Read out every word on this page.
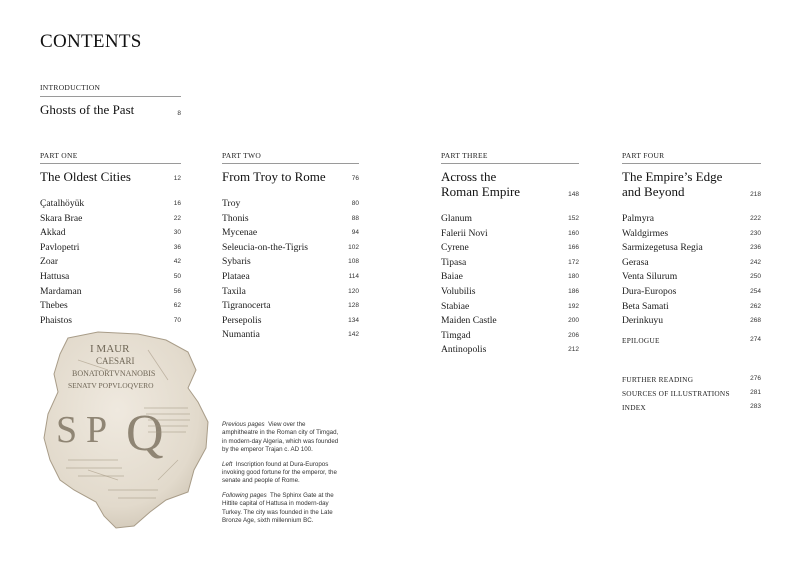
CONTENTS
INTRODUCTION
Ghosts of the Past	8
PART ONE
The Oldest Cities	12
Çatalhöyük	16
Skara Brae	22
Akkad	30
Pavlopetri	36
Zoar	42
Hattusa	50
Mardaman	56
Thebes	62
Phaistos	70
PART TWO
From Troy to Rome	76
Troy	80
Thonis	88
Mycenae	94
Seleucia-on-the-Tigris	102
Sybaris	108
Plataea	114
Taxila	120
Tigranocerta	128
Persepolis	134
Numantia	142
PART THREE
Across the
Roman Empire	148
Glanum	152
Falerii Novi	160
Cyrene	166
Tipasa	172
Baiae	180
Volubilis	186
Stabiae	192
Maiden Castle	200
Timgad	206
Antinopolis	212
PART FOUR
The Empire’s Edge
and Beyond	218
Palmyra	222
Waldgirmes	230
Sarmizegetusa Regia	236
Gerasa	242
Venta Silurum	250
Dura-Europos	254
Beta Samati	262
Derinkuyu	268
EPILOGUE	274
FURTHER READING	276
SOURCES OF ILLUSTRATIONS	281
INDEX	283
I MAUR
CAESARI
BONATORTVNANOBIS
SENATV POPVLOQVERO
S P Q	Previous pages View over the amphitheatre in the Roman city of Timgad, in modern-day Algeria, which was founded by the emperor Trajan c. AD 100.

Left Inscription found at Dura-Europos invoking good fortune for the emperor, the senate and people of Rome.

Following pages The Sphinx Gate at the Hittite capital of Hattusa in modern-day Turkey. The city was founded in the Late Bronze Age, sixth millennium BC.
